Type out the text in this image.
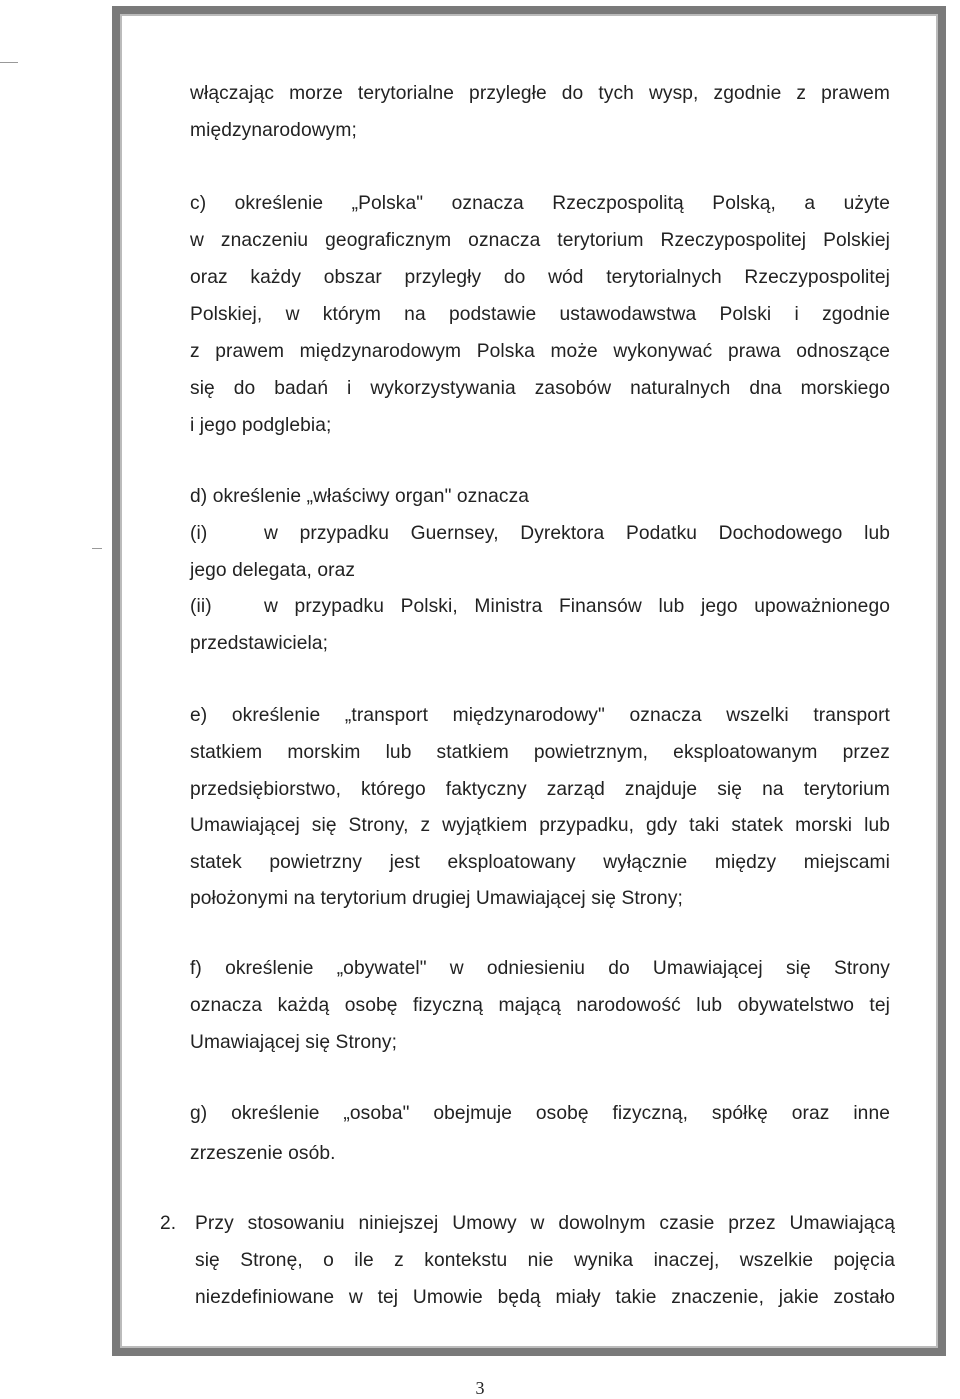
włączając morze terytorialne przyległe do tych wysp, zgodnie z prawem
międzynarodowym;
c) określenie „Polska" oznacza Rzeczpospolitą Polską, a użyte
w znaczeniu geograficznym oznacza terytorium Rzeczypospolitej Polskiej
oraz każdy obszar przyległy do wód terytorialnych Rzeczypospolitej
Polskiej, w którym na podstawie ustawodawstwa Polski i zgodnie
z prawem międzynarodowym Polska może wykonywać prawa odnoszące
się do badań i wykorzystywania zasobów naturalnych dna morskiego
i jego podglebia;
d) określenie „właściwy organ" oznacza
(i)	w przypadku Guernsey, Dyrektora Podatku Dochodowego lub
jego delegata, oraz
(ii)	w przypadku Polski, Ministra Finansów lub jego upoważnionego
przedstawiciela;
e) określenie „transport międzynarodowy" oznacza wszelki transport
statkiem morskim lub statkiem powietrznym, eksploatowanym przez
przedsiębiorstwo, którego faktyczny zarząd znajduje się na terytorium
Umawiającej się Strony, z wyjątkiem przypadku, gdy taki statek morski lub
statek powietrzny jest eksploatowany wyłącznie między miejscami
położonymi na terytorium drugiej Umawiającej się Strony;
f) określenie „obywatel" w odniesieniu do Umawiającej się Strony
oznacza każdą osobę fizyczną mającą narodowość lub obywatelstwo tej
Umawiającej się Strony;
g) określenie „osoba" obejmuje osobę fizyczną, spółkę oraz inne
zrzeszenie osób.
2. Przy stosowaniu niniejszej Umowy w dowolnym czasie przez Umawiającą
się Stronę, o ile z kontekstu nie wynika inaczej, wszelkie pojęcia
niezdefiniowane w tej Umowie będą miały takie znaczenie, jakie zostało
3
